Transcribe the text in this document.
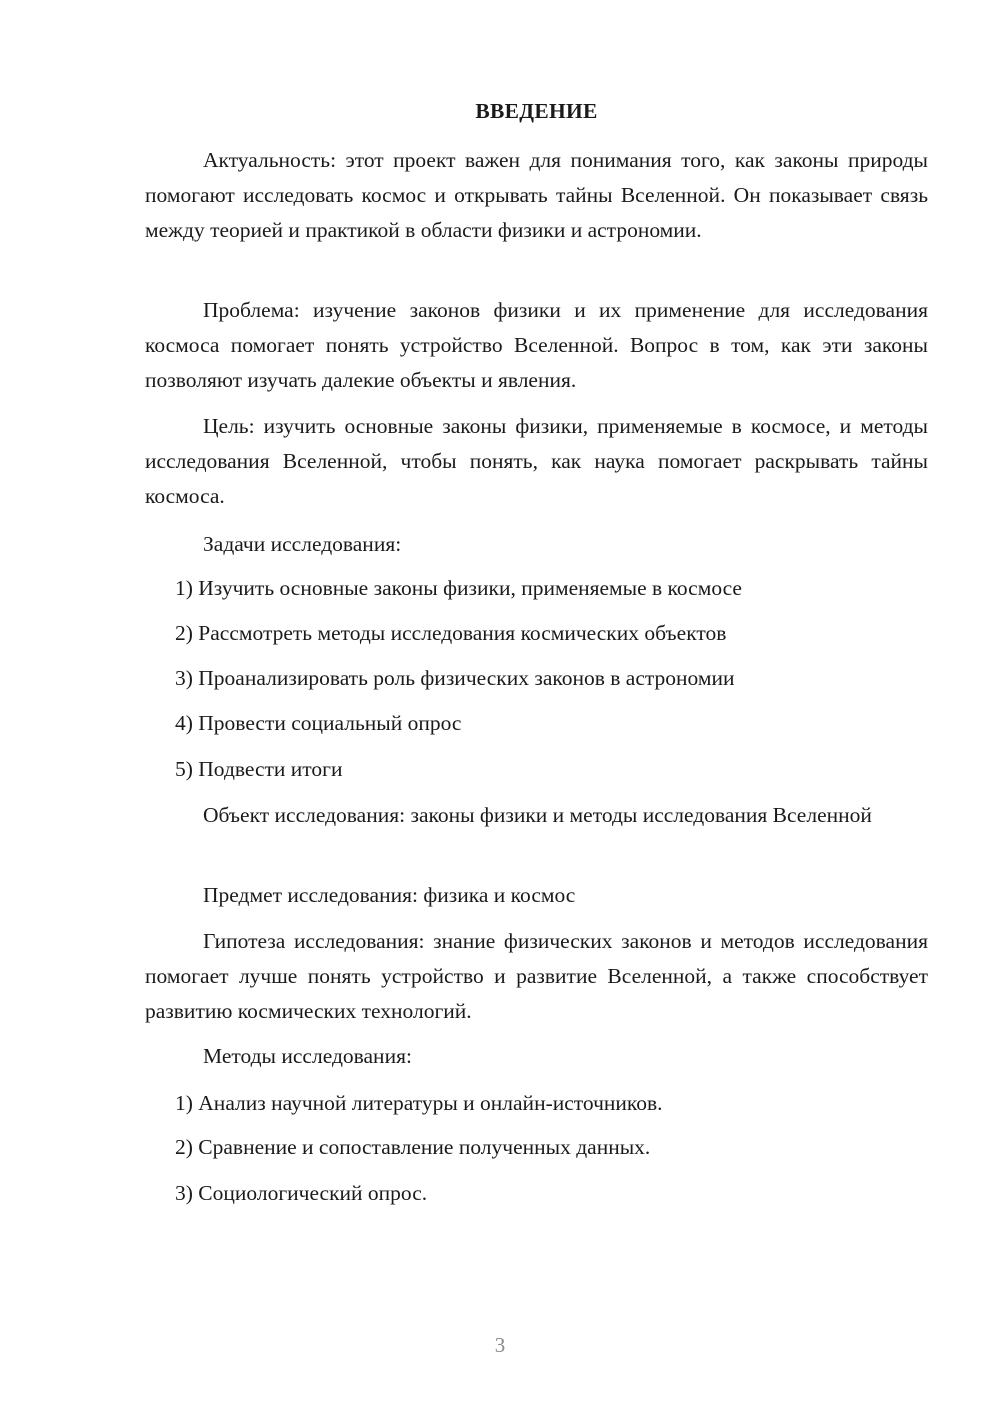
ВВЕДЕНИЕ

Актуальность: этот проект важен для понимания того, как законы природы помогают исследовать космос и открывать тайны Вселенной. Он показывает связь между теорией и практикой в области физики и астрономии.

Проблема: изучение законов физики и их применение для исследования космоса помогает понять устройство Вселенной. Вопрос в том, как эти законы позволяют изучать далекие объекты и явления.

Цель: изучить основные законы физики, применяемые в космосе, и методы исследования Вселенной, чтобы понять, как наука помогает раскрывать тайны космоса.

Задачи исследования:

1) Изучить основные законы физики, применяемые в космосе

2) Рассмотреть методы исследования космических объектов

3) Проанализировать роль физических законов в астрономии

4) Провести социальный опрос

5) Подвести итоги

Объект исследования: законы физики и методы исследования Вселенной

Предмет исследования: физика и космос

Гипотеза исследования: знание физических законов и методов исследования помогает лучше понять устройство и развитие Вселенной, а также способствует развитию космических технологий.

Методы исследования:

1) Анализ научной литературы и онлайн-источников.

2) Сравнение и сопоставление полученных данных.

3) Социологический опрос.

3
